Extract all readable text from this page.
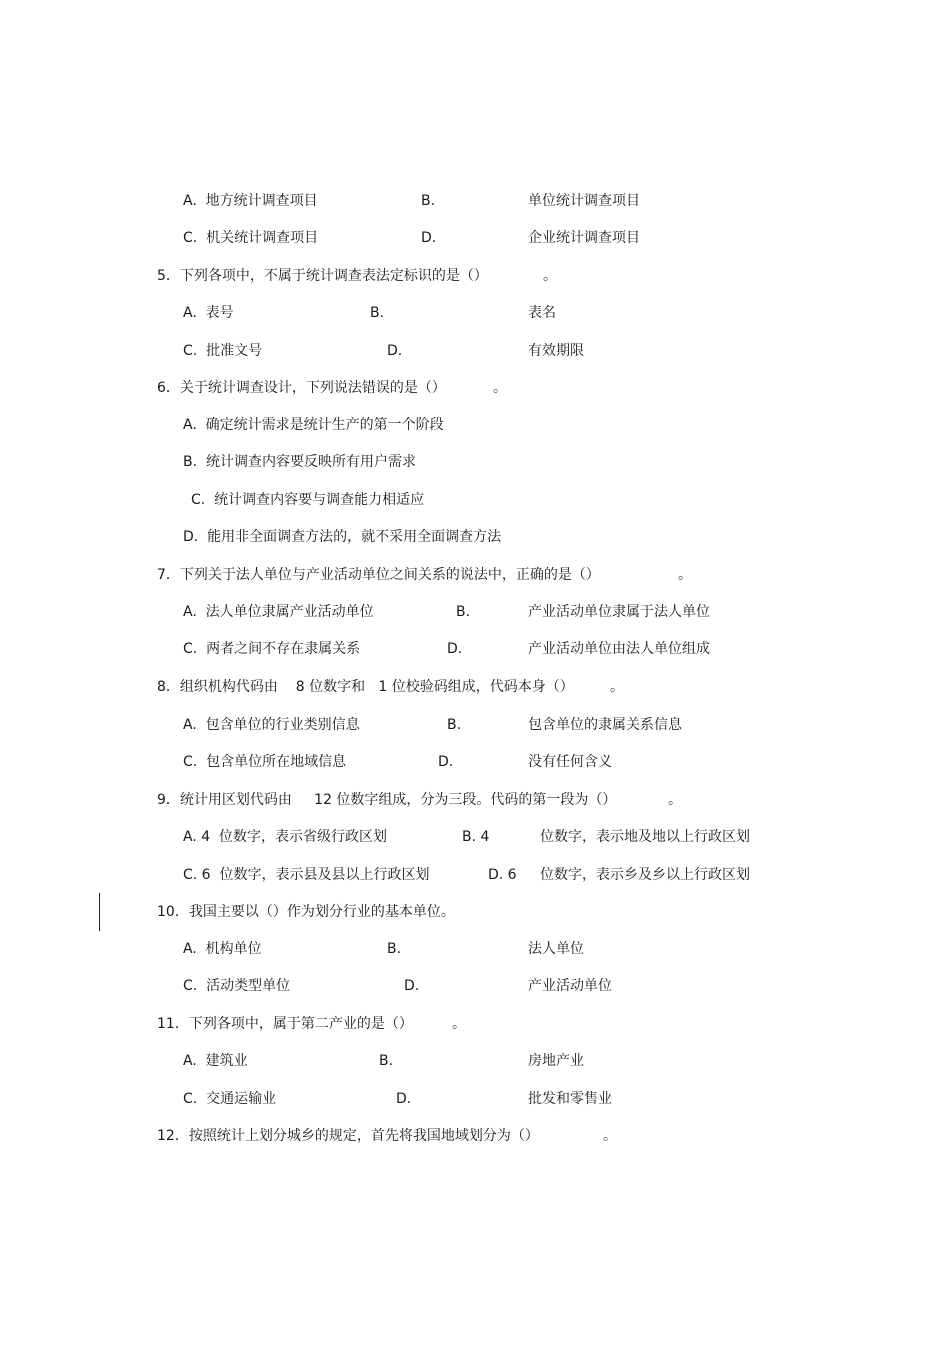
A.  地方统计调查项目	B.	单位统计调查项目
C.  机关统计调查项目	D.	企业统计调查项目
5．下列各项中，不属于统计调查表法定标识的是（）	。
A.  表号	B.	表名
C.  批准文号	D.	有效期限
6．关于统计调查设计，下列说法错误的是（）	。
A.  确定统计需求是统计生产的第一个阶段
B.  统计调查内容要反映所有用户需求
C.  统计调查内容要与调查能力相适应
D.  能用非全面调查方法的，就不采用全面调查方法
7．下列关于法人单位与产业活动单位之间关系的说法中，正确的是（）	。
A.  法人单位隶属产业活动单位	B.	产业活动单位隶属于法人单位
C.  两者之间不存在隶属关系	D.	产业活动单位由法人单位组成
8．组织机构代码由    8 位数字和   1 位校验码组成，代码本身（）	。
A.  包含单位的行业类别信息	B.	包含单位的隶属关系信息
C.  包含单位所在地域信息	D.	没有任何含义
9．统计用区划代码由     12 位数字组成，分为三段。代码的第一段为（）	。
A. 4  位数字，表示省级行政区划	B. 4	位数字，表示地及地以上行政区划
C. 6  位数字，表示县及县以上行政区划	D. 6 位数字，表示乡及乡以上行政区划
10．我国主要以（）作为划分行业的基本单位。
A.  机构单位	B.	法人单位
C.  活动类型单位	D.	产业活动单位
11．下列各项中，属于第二产业的是（）	。
A.  建筑业	B.	房地产业
C.  交通运输业	D.	批发和零售业
12．按照统计上划分城乡的规定，首先将我国地域划分为（）	。
